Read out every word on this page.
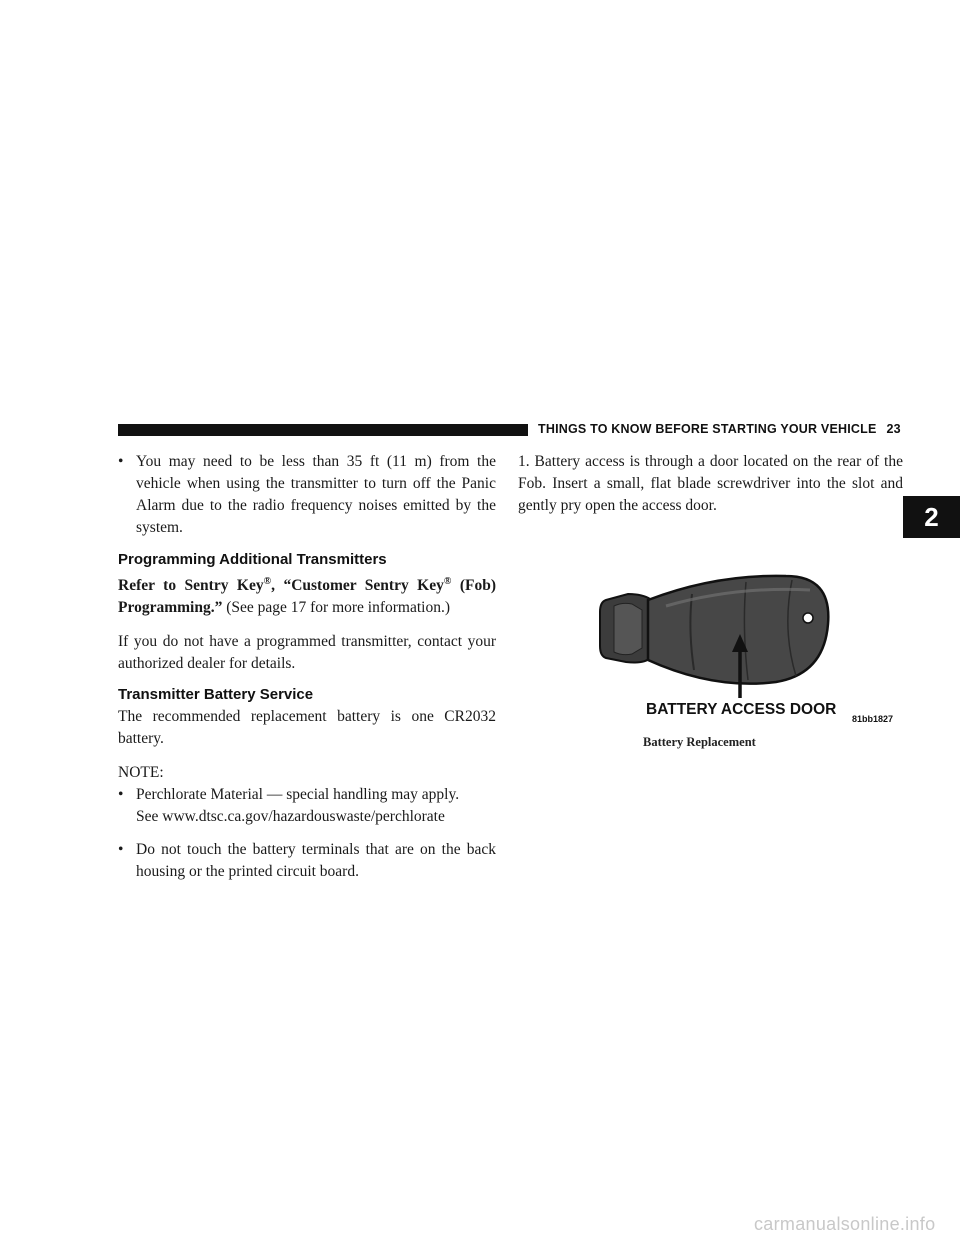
THINGS TO KNOW BEFORE STARTING YOUR VEHICLE 23
2
• You may need to be less than 35 ft (11 m) from the vehicle when using the transmitter to turn off the Panic Alarm due to the radio frequency noises emitted by the system.
Programming Additional Transmitters

Refer to Sentry Key®, “Customer Sentry Key® (Fob) Programming.” (See page 17 for more information.)

If you do not have a programmed transmitter, contact your authorized dealer for details.

Transmitter Battery Service

The recommended replacement battery is one CR2032 battery.

NOTE:

• Perchlorate Material — special handling may apply.
See www.dtsc.ca.gov/hazardouswaste/perchlorate
• Do not touch the battery terminals that are on the back housing or the printed circuit board.

1. Battery access is through a door located on the rear of the Fob. Insert a small, flat blade screwdriver into the slot and gently pry open the access door.

BATTERY ACCESS DOOR
81bb1827
Battery Replacement
carmanualsonline.info
